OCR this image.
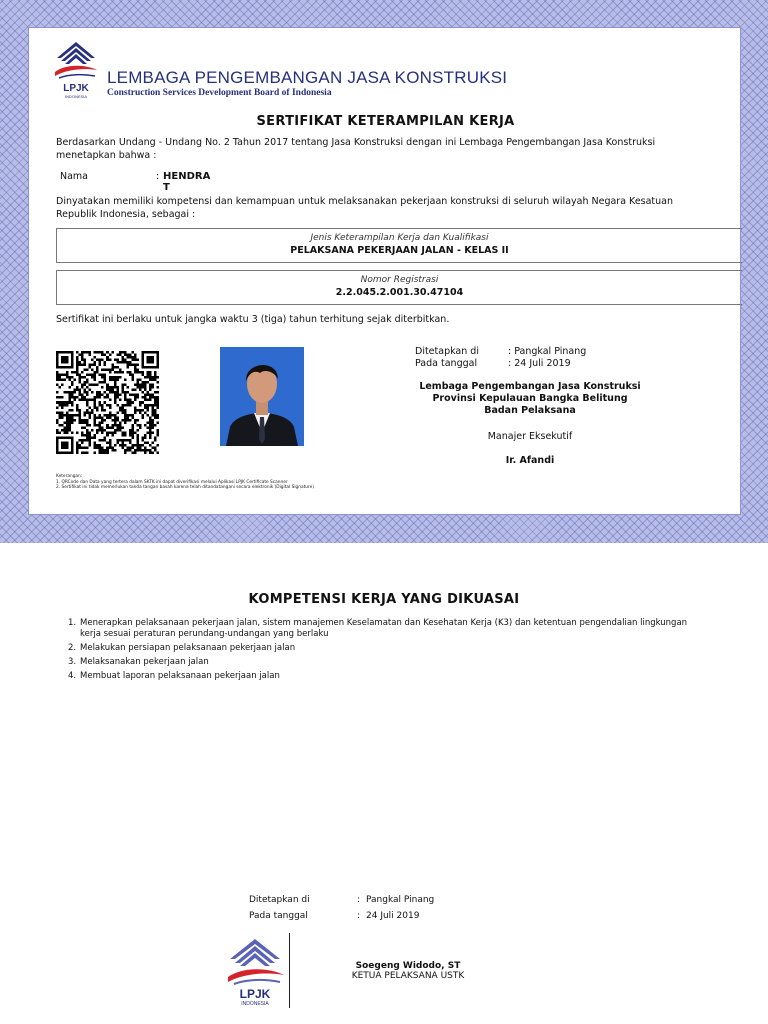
LPJK
INDONESIA
LEMBAGA PENGEMBANGAN JASA KONSTRUKSI
Construction Services Development Board of Indonesia
SERTIFIKAT KETERAMPILAN KERJA
Berdasarkan Undang - Undang No. 2 Tahun 2017 tentang Jasa Konstruksi dengan ini Lembaga Pengembangan Jasa Konstruksi menetapkan bahwa :
Nama	: HENDRA T
Dinyatakan memiliki kompetensi dan kemampuan untuk melaksanakan pekerjaan konstruksi di seluruh wilayah Negara Kesatuan Republik Indonesia, sebagai :
Jenis Keterampilan Kerja dan Kualifikasi
PELAKSANA PEKERJAAN JALAN - KELAS II
Nomor Registrasi
2.2.045.2.001.30.47104
Sertifikat ini berlaku untuk jangka waktu 3 (tiga) tahun terhitung sejak diterbitkan.
Ditetapkan di	: Pangkal Pinang
Pada tanggal	: 24 Juli 2019
Lembaga Pengembangan Jasa Konstruksi
Provinsi Kepulauan Bangka Belitung
Badan Pelaksana
Manajer Eksekutif
Ir. Afandi
Keterangan:
1. QRCode dan Data yang tertera dalam SKTK ini dapat diverifikasi melalui Aplikasi LPJK Certificate Scanner
2. Sertifikat ini tidak memerlukan tanda tangan basah karena telah ditandatangani secara elektronik (Digital Signature)
KOMPETENSI KERJA YANG DIKUASAI
1. Menerapkan pelaksanaan pekerjaan jalan, sistem manajemen Keselamatan dan Kesehatan Kerja (K3) dan ketentuan pengendalian lingkungan kerja sesuai peraturan perundang-undangan yang berlaku
2. Melakukan persiapan pelaksanaan pekerjaan jalan
3. Melaksanakan pekerjaan jalan
4. Membuat laporan pelaksanaan pekerjaan jalan
Ditetapkan di	: Pangkal Pinang
Pada tanggal	: 24 Juli 2019
LPJK
INDONESIA
Soegeng Widodo, ST
KETUA PELAKSANA USTK
